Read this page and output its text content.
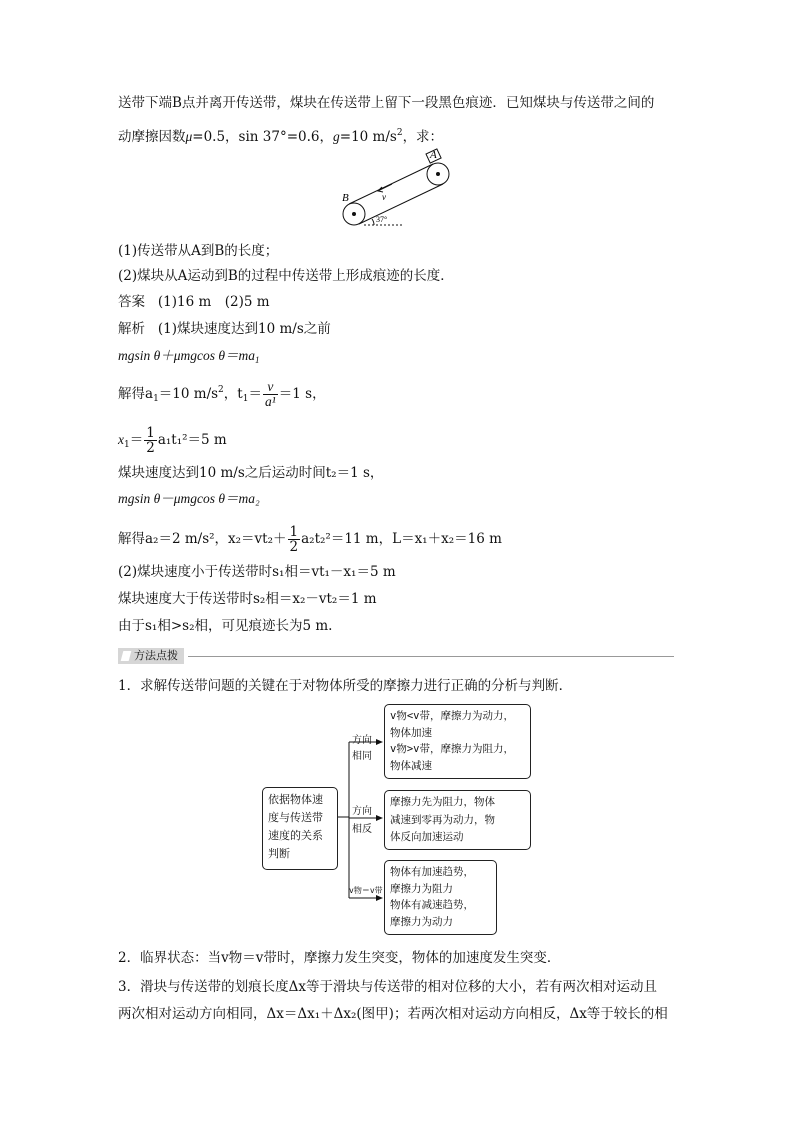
送带下端B点并离开传送带，煤块在传送带上留下一段黑色痕迹．已知煤块与传送带之间的
动摩擦因数μ=0.5，sin 37°=0.6，g=10 $m/s^2$，求：
A
B	v
37°
(1)传送带从A到B的长度；
(2)煤块从A运动到B的过程中传送带上形成痕迹的长度．
答案 (1)16 m　(2)5 m
解析 (1)煤块速度达到10 m/s之前
mgsin θ＋μmgcos $\theta=ma_1$
解得$a_1=10$ $m/s^2$，$t_1= \frac{v}{\text{a¹}} =1$ s，
$x_1= \frac{1}{2} a_1t_1^2=5$ m
煤块速度达到10 m/s之后运动时间t₂＝1 s，
mgsin θ－μmgcos θ＝ma₂
解得a₂＝2 m/s²，$x_2=vt_2+ \frac{1}{2} a_2t_2^2=11$ m，L＝x₁＋x₂＝16 m
(2)煤块速度小于传送带时s₁相＝vt₁－x₁＝5 m
煤块速度大于传送带时s₂相＝x₂－vt₂＝1 m
由于s₁相>s₂相，可见痕迹长为5 m.
方法点拨
1．求解传送带问题的关键在于对物体所受的摩擦力进行正确的分析与判断．
依据物体速
度与传送带
速度的关系
判断
方向
相同
方向
相反
v物＝v带
v物<v带，摩擦力为动力，
物体加速
v物>v带，摩擦力为阻力，
物体减速
摩擦力先为阻力，物体
减速到零再为动力，物
体反向加速运动
物体有加速趋势，
摩擦力为阻力
物体有减速趋势，
摩擦力为动力
2．临界状态：当v物＝v带时，摩擦力发生突变，物体的加速度发生突变．
3．滑块与传送带的划痕长度Δx等于滑块与传送带的相对位移的大小，若有两次相对运动且
两次相对运动方向相同，Δx＝Δx₁＋Δx₂(图甲)；若两次相对运动方向相反，Δx等于较长的相
